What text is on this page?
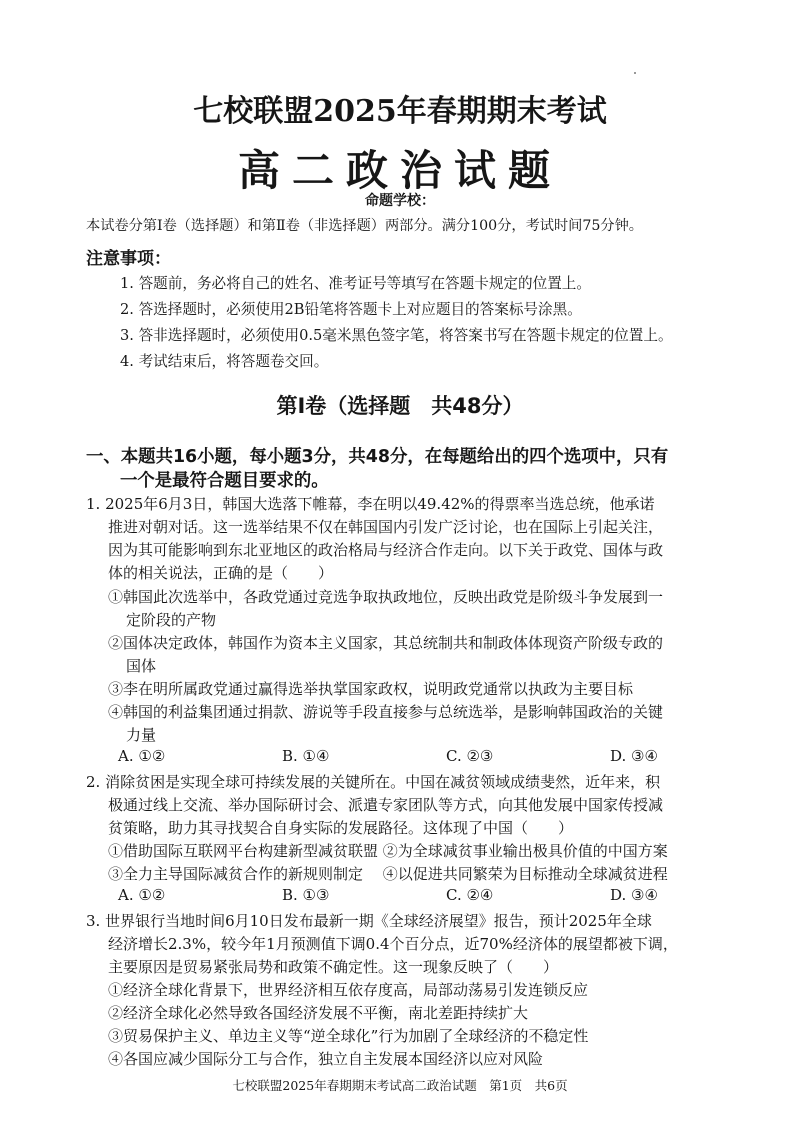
七校联盟2025年春期期末考试
高二政治试题
命题学校：
本试卷分第Ⅰ卷（选择题）和第Ⅱ卷（非选择题）两部分。满分100分，考试时间75分钟。
注意事项：
1. 答题前，务必将自己的姓名、准考证号等填写在答题卡规定的位置上。
2. 答选择题时，必须使用2B铅笔将答题卡上对应题目的答案标号涂黑。
3. 答非选择题时，必须使用0.5毫米黑色签字笔，将答案书写在答题卡规定的位置上。
4. 考试结束后，将答题卷交回。
第Ⅰ卷（选择题　共48分）
一、本题共16小题，每小题3分，共48分，在每题给出的四个选项中，只有
一个是最符合题目要求的。
1. 2025年6月3日，韩国大选落下帷幕，李在明以49.42%的得票率当选总统，他承诺
推进对朝对话。这一选举结果不仅在韩国国内引发广泛讨论，也在国际上引起关注，
因为其可能影响到东北亚地区的政治格局与经济合作走向。以下关于政党、国体与政
体的相关说法，正确的是（　　）
①韩国此次选举中，各政党通过竞选争取执政地位，反映出政党是阶级斗争发展到一
定阶段的产物
②国体决定政体，韩国作为资本主义国家，其总统制共和制政体体现资产阶级专政的
国体
③李在明所属政党通过赢得选举执掌国家政权，说明政党通常以执政为主要目标
④韩国的利益集团通过捐款、游说等手段直接参与总统选举，是影响韩国政治的关键
力量
A. ①②	B. ①④	C. ②③	D. ③④
2. 消除贫困是实现全球可持续发展的关键所在。中国在减贫领域成绩斐然，近年来，积
极通过线上交流、举办国际研讨会、派遣专家团队等方式，向其他发展中国家传授减
贫策略，助力其寻找契合自身实际的发展路径。这体现了中国（　　）
①借助国际互联网平台构建新型减贫联盟 ②为全球减贫事业输出极具价值的中国方案
③全力主导国际减贫合作的新规则制定　 ④以促进共同繁荣为目标推动全球减贫进程
A. ①②	B. ①③	C. ②④	D. ③④
3. 世界银行当地时间6月10日发布最新一期《全球经济展望》报告，预计2025年全球
经济增长2.3%，较今年1月预测值下调0.4个百分点，近70%经济体的展望都被下调，
主要原因是贸易紧张局势和政策不确定性。这一现象反映了（　　）
①经济全球化背景下，世界经济相互依存度高，局部动荡易引发连锁反应
②经济全球化必然导致各国经济发展不平衡，南北差距持续扩大
③贸易保护主义、单边主义等“逆全球化”行为加剧了全球经济的不稳定性
④各国应减少国际分工与合作，独立自主发展本国经济以应对风险
七校联盟2025年春期期末考试高二政治试题　第1页　共6页
